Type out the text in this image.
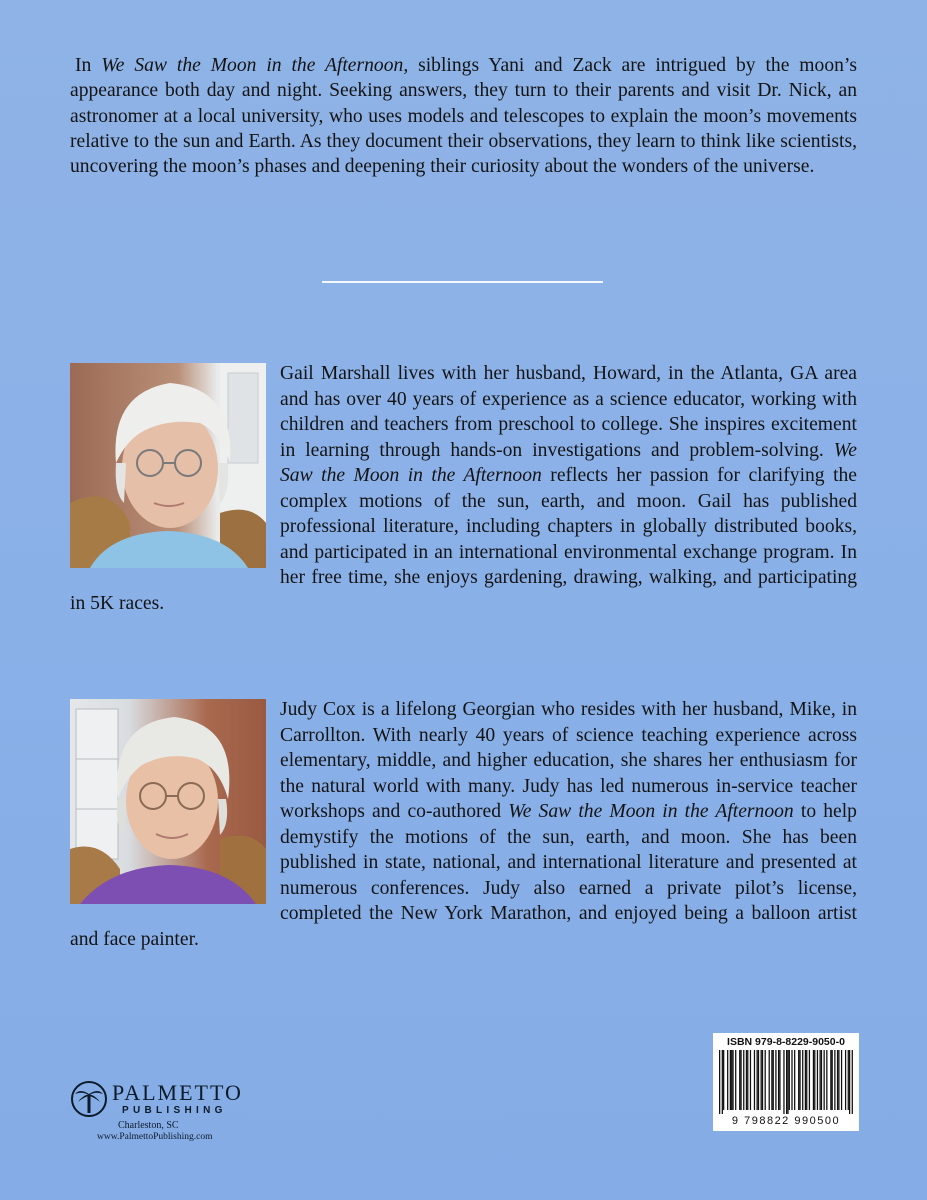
In We Saw the Moon in the Afternoon, siblings Yani and Zack are intrigued by the moon’s appearance both day and night. Seeking answers, they turn to their parents and visit Dr. Nick, an astronomer at a local university, who uses models and telescopes to explain the moon’s movements relative to the sun and Earth. As they document their observations, they learn to think like scientists, uncovering the moon’s phases and deepening their curiosity about the wonders of the universe.
Gail Marshall lives with her husband, Howard, in the Atlanta, GA area and has over 40 years of experience as a science educator, working with children and teachers from preschool to college. She inspires excitement in learning through hands-on investigations and problem-solving. We Saw the Moon in the Afternoon reflects her passion for clarifying the complex motions of the sun, earth, and moon. Gail has published professional literature, including chapters in globally distributed books, and participated in an international environmental exchange program. In her free time, she enjoys gardening, drawing, walking, and participating in 5K races.
Judy Cox is a lifelong Georgian who resides with her husband, Mike, in Carrollton. With nearly 40 years of science teaching experience across elementary, middle, and higher education, she shares her enthusiasm for the natural world with many. Judy has led numerous in-service teacher workshops and co-authored We Saw the Moon in the Afternoon to help demystify the motions of the sun, earth, and moon. She has been published in state, national, and international literature and presented at numerous conferences. Judy also earned a private pilot’s license, completed the New York Marathon, and enjoyed being a balloon artist and face painter.
PALMETTO
PUBLISHING
Charleston, SC
www.PalmettoPublishing.com
ISBN 979-8-8229-9050-0
9 798822 990500
